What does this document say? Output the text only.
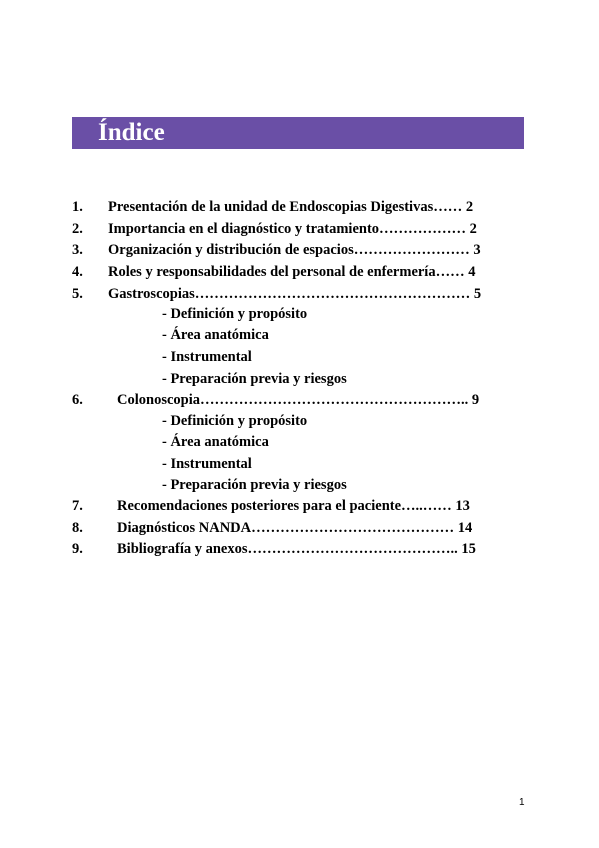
Índice
1. Presentación de la unidad de Endoscopias Digestivas…… 2
2. Importancia en el diagnóstico y tratamiento……………… 2
3. Organización y distribución de espacios…………………… 3
4. Roles y responsabilidades del personal de enfermería…… 4
5. Gastroscopias………………………………………………… 5
- Definición y propósito
- Área anatómica
- Instrumental
- Preparación previa y riesgos
6. Colonoscopia……………………………………………….. 9
- Definición y propósito
- Área anatómica
- Instrumental
- Preparación previa y riesgos
7. Recomendaciones posteriores para el paciente…..…… 13
8. Diagnósticos NANDA…………………………………… 14
9. Bibliografía y anexos…………………………………….. 15
1
